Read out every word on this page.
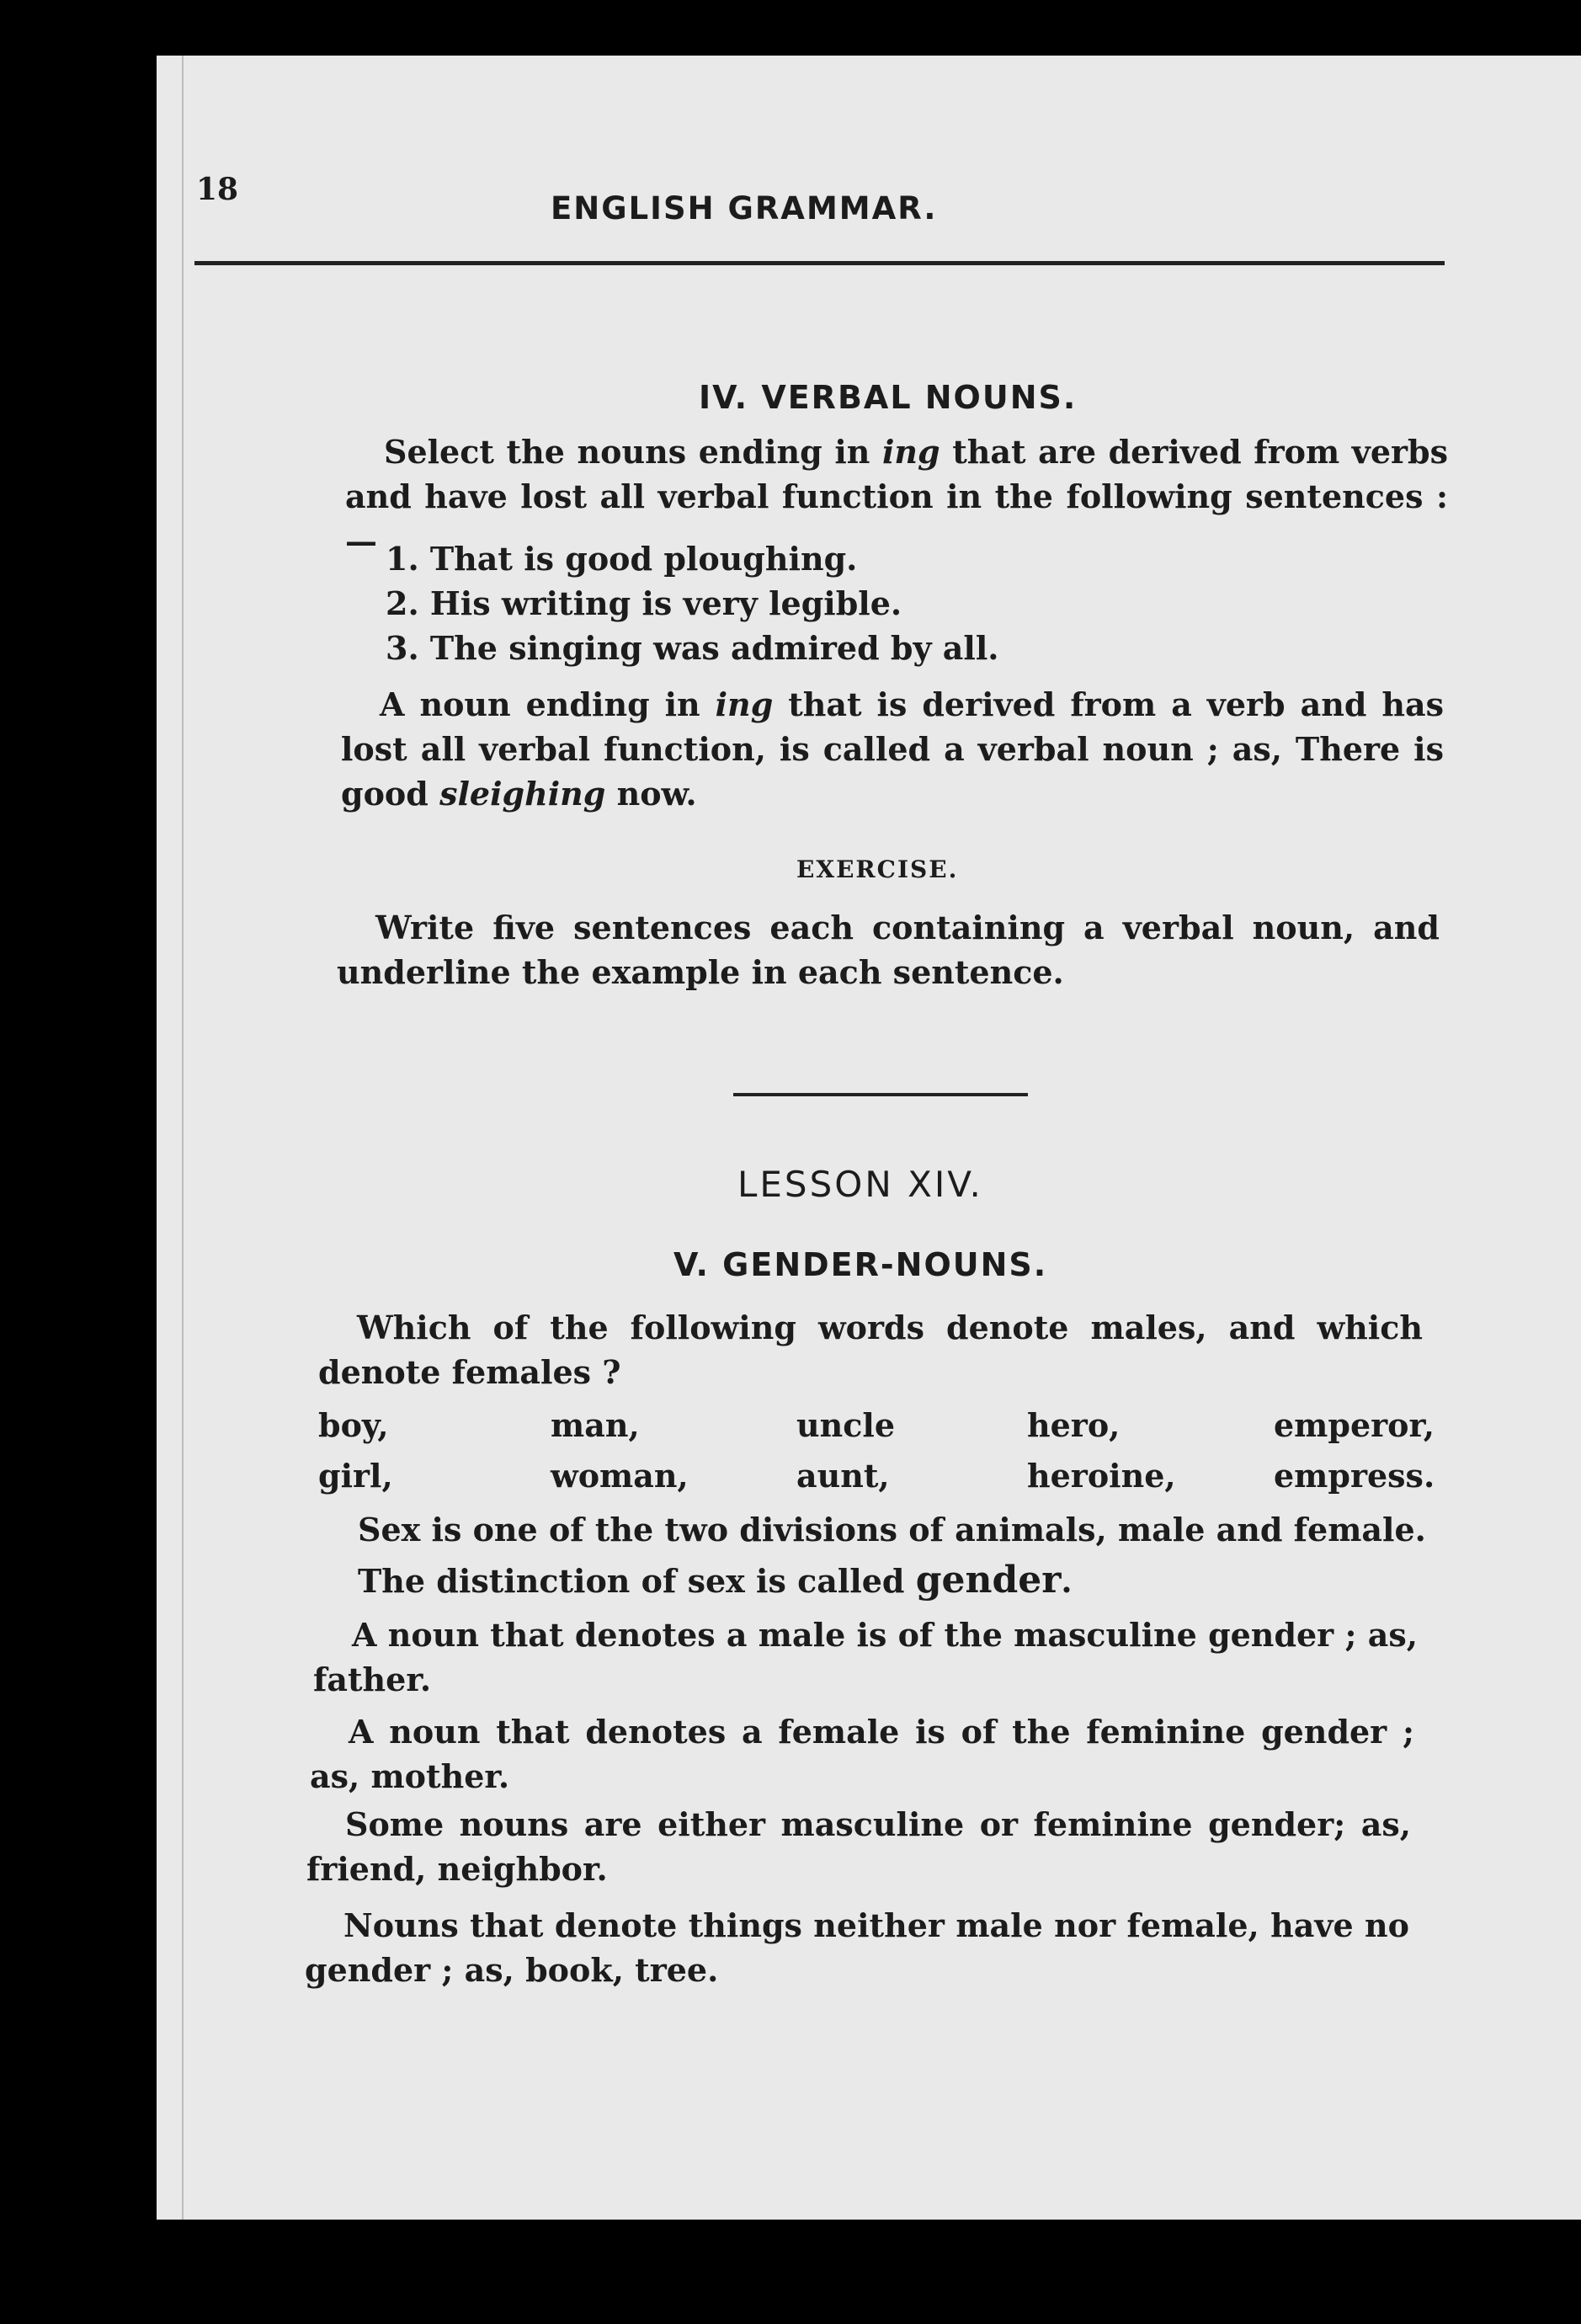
18
ENGLISH GRAMMAR.
IV. VERBAL NOUNS.
Select the nouns ending in ing that are derived from verbs and have lost all verbal function in the following sentences :— 1. That is good ploughing.
2. His writing is very legible.
3. The singing was admired by all.
A noun ending in ing that is derived from a verb and has lost all verbal function, is called a verbal noun ; as, There is good sleighing now.
EXERCISE.
Write five sentences each containing a verbal noun, and underline the example in each sentence.
LESSON XIV.
V. GENDER-NOUNS.
Which of the following words denote males, and which denote females ?
boy,	man,	uncle	hero,	emperor,
girl,	woman,	aunt,	heroine,	empress.
Sex is one of the two divisions of animals, male and female.
The distinction of sex is called gender.
A noun that denotes a male is of the masculine gender ; as, father.
A noun that denotes a female is of the feminine gender ; as, mother.
Some nouns are either masculine or feminine gender; as, friend, neighbor.
Nouns that denote things neither male nor female, have no gender ; as, book, tree.
